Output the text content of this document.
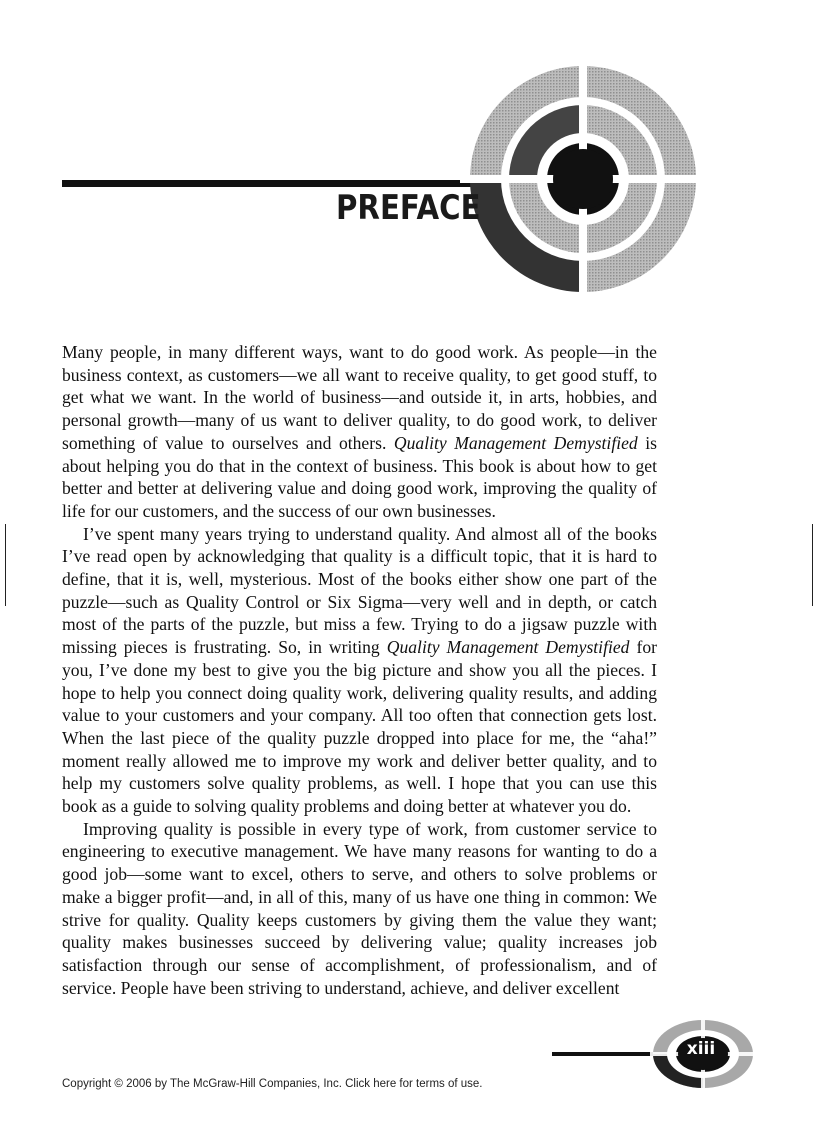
PREFACE

Many people, in many different ways, want to do good work. As people—in the business context, as customers—we all want to receive quality, to get good stuff, to get what we want. In the world of business—and outside it, in arts, hobbies, and personal growth—many of us want to deliver quality, to do good work, to deliver something of value to ourselves and others. Quality Management Demystified is about helping you do that in the context of business. This book is about how to get better and better at delivering value and doing good work, improving the quality of life for our customers, and the success of our own businesses.

I’ve spent many years trying to understand quality. And almost all of the books I’ve read open by acknowledging that quality is a difficult topic, that it is hard to define, that it is, well, mysterious. Most of the books either show one part of the puzzle—such as Quality Control or Six Sigma—very well and in depth, or catch most of the parts of the puzzle, but miss a few. Trying to do a jigsaw puzzle with missing pieces is frustrating. So, in writing Quality Management Demystified for you, I’ve done my best to give you the big picture and show you all the pieces. I hope to help you connect doing quality work, delivering quality results, and adding value to your customers and your company. All too often that connection gets lost. When the last piece of the quality puzzle dropped into place for me, the “aha!” moment really allowed me to improve my work and deliver better quality, and to help my customers solve quality problems, as well. I hope that you can use this book as a guide to solving quality problems and doing better at whatever you do.

Improving quality is possible in every type of work, from customer service to engineering to executive management. We have many reasons for wanting to do a good job—some want to excel, others to serve, and others to solve problems or make a bigger profit—and, in all of this, many of us have one thing in common: We strive for quality. Quality keeps customers by giving them the value they want; quality makes businesses succeed by delivering value; quality increases job satisfaction through our sense of accomplishment, of professionalism, and of service. People have been striving to understand, achieve, and deliver excellent

xiii
Copyright © 2006 by The McGraw-Hill Companies, Inc. Click here for terms of use.
